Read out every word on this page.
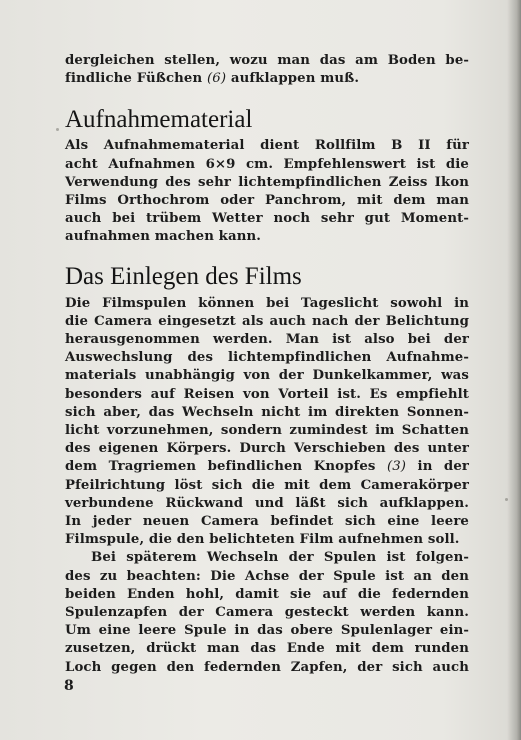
dergleichen stellen, wozu man das am Boden be-

findliche Füßchen (6) aufklappen muß.

Aufnahmematerial

Als Aufnahmematerial dient Rollfilm B II für

acht Aufnahmen 6×9 cm. Empfehlenswert ist die

Verwendung des sehr lichtempfindlichen Zeiss Ikon

Films Orthochrom oder Panchrom, mit dem man

auch bei trübem Wetter noch sehr gut Moment-

aufnahmen machen kann.

Das Einlegen des Films

Die Filmspulen können bei Tageslicht sowohl in

die Camera eingesetzt als auch nach der Belichtung

herausgenommen werden. Man ist also bei der

Auswechslung des lichtempfindlichen Aufnahme-

materials unabhängig von der Dunkelkammer, was

besonders auf Reisen von Vorteil ist. Es empfiehlt

sich aber, das Wechseln nicht im direkten Sonnen-

licht vorzunehmen, sondern zumindest im Schatten

des eigenen Körpers. Durch Verschieben des unter

dem Tragriemen befindlichen Knopfes (3) in der

Pfeilrichtung löst sich die mit dem Camerakörper

verbundene Rückwand und läßt sich aufklappen.

In jeder neuen Camera befindet sich eine leere

Filmspule, die den belichteten Film aufnehmen soll.

Bei späterem Wechseln der Spulen ist folgen-

des zu beachten: Die Achse der Spule ist an den

beiden Enden hohl, damit sie auf die federnden

Spulenzapfen der Camera gesteckt werden kann.

Um eine leere Spule in das obere Spulenlager ein-

zusetzen, drückt man das Ende mit dem runden

Loch gegen den federnden Zapfen, der sich auch

8
